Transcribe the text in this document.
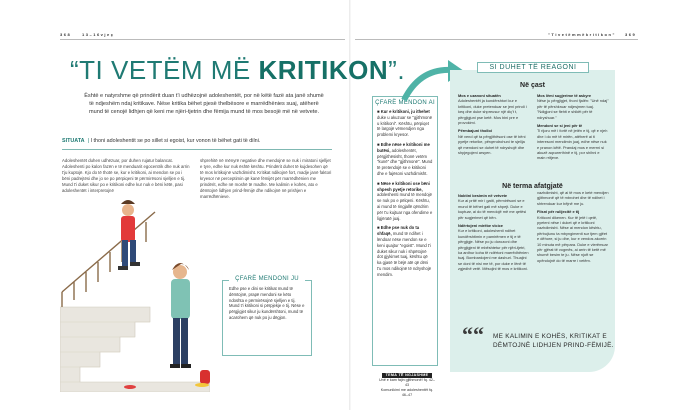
3 6 8	1 3 – 1 6 v j e ç	" T i v e t ë m m ë k r i t i k o n "	3 6 9
“TI VETËM MË KRITIKON”.
Është e natyrshme që prindërit duan t'i udhëzojnë adoleshentët, por në këtë fazë ata janë shumë të ndjeshëm ndaj kritikave. Nëse kritika bëhet pjesë thelbësore e marrëdhënies suaj, atëherë mund të cenojë lidhjen që keni me njëri-tjetrin dhe fëmija mund të mos besojë më në vetvete.
SITUATA | I thoni adoleshentit se po sillet si egoist, kur vonon të bëhet gati të dilni.
Adoleshentët duhen udhëzuar, por duhen rujatur balancat. Adoleshenti po kalon fazën e të menduarit egocentrik dhe nuk arrin t'ju kuptojë. Kjo do të thotë se, kur e kritikoni, ai mendon se po i bëni padrejtësi dhe jo se po përpiqeni të përmirësoni sjelljen e tij. Mund t'i duket sikur po e kritikoni edhe kur nuk e bëni këtë, pasi adoleshentët i interpretojnë
shprehitë në mënyrë negative dhe mendojnë se nuk i miratoni sjelljet e tyre, edhe kur nuk është kështu. Prindërit duhet të kujdesohen që të mos kritikojnë vazhdimisht. Kritikat ndikojnë fort, madje janë faktori kryesor në perceptimin që kanë fëmijët për marrëdhënien me prindërit, edhe në moshë të madhe. Me kalimin e kohës, ato e dëmtojnë lidhjen prind-fëmijë dhe ndikojnë në prishjen e marrëdhënieve.
ÇFARË MENDONI JU
Edhe pse e dini se kritikat mund të dëmtojnë, prapë mendoni se këto ndoshta e përmirësojnë sjelljen e tij. Mund t'i kritikoni si përpjekje e tij. Nëse e përgjigjet sikur ju kundërshtoni, mund të acarohem që nuk po ju dëgjon.
ÇFARË MENDON AI
■ Kur e kritikoni, ju ithehet duke u akuzuar se "gjithmonë u kritikoni". Kështu, përpiqet të largojë vëmendjen nga problemi kryesor.
■ Edhe nëse e kritikoni me butësi, adoleshentët, përgjithësisht, thonë vetëm "kunë" dhe "gjithmonë". Mund të pretendojë se e kritikoni dhe e fajësoni vazhdimisht.
■ Nëse e kritikoni ose bëni shpesh pyetje retorike, adoleshenti mund të mendojë se nuk po e pëlqeni. Kështu, ai mund të ringjallë qëndrim për t'u kujtuar nga ofendime e ligjëratë juaj.
■ Edhe pse nuk do ta shfaqë, mund të ndihet i lëndoar nëse mendon se e keni quajtur "egoist". Mund t'i duket sikur nuk i shpëtojnë dot gjykimet tuaj, kështu që ka gjasë të bëjë atë që dëni t'u mos ndikojnë të ndryshojë mendim.
TEMA TË NGJASHME
Unë e kam fajin gjithmonë! fq. 42–43
Komunikimi me adoleshentët fq. 46–47
SI DUHET TË REAGONI
Në çast
Mos e uzanoni situatën
Adoleshentët ja kundërshtori kur e kritikoni, duke pretenduar se jeni prindi i keq dhe duke shpreusur një diç't t, përgjigjuni pse ketë. Mos bini pre e provokimi.
Përmbajuni tholloi
Në vend që ta përgjithësoni ose të bëni pyetje retorike, përqendrohuni te sjellja që mendoni se duhet të ndryshojë dhe shpjegojeni arsyen.
Mos lëmi sugjerime të askyre
Nëse ju përgjigjet, thoni fjalën: "Unë ndaj" për të përshkruar ndjesjmen tuaj. "Ndigjoni se flehti e shikët për të ndryshuar."
Mendoni se si jeni për të
Ti rijoru më i fortë në jetën e tij, që e njeh dhe i do më të mirën, atëherë ai ti interesoni mendimin juaj, edhe nëse nuk e pranon këtë. Prandaj mos e merrni si akuzë aqxurerthinë e tij, por shihni e main rritjeve.
Në terma afatgjatë
Noktini besimin në vetvete
Kur ai pritë mir i gatit, përmirësoni se e mund të bëhet gati më shpejt. Duke e kuptuar, ai do të mendojë më me qetësi për sugjerimet që bën.
Ndërtojeni mirëbe vlcice
Kur e kritikoni, adoleshenti ndihet kundërshtimin e pamirëmen e tij e të përgjigje. Nëse po ju dorozoni dhe përgjigjeni të mbështetur për njëri-tjetri, ka ardhur koha të ndërtoni marrëdhënien tuaj. Bombardojeni me dashuri. Thuajini se doni të nisi me të, por duke e lënë të zgjedhë vetë. Mësojini të mos e kritikoni.
vazhdimisht, që ai të mos e keté mendjen gjithmonë që të mbrohet dhe të ndihet i shtrenduar kur bëjnë me ju.
Flisni për rulijecitë e tij
Kriticoni dikenen. Kur të jetë i qetë, pyeteni nëse i duket që e kritikoni vazhdimisht. Nëse ai mendon kështu, përbujiunu ta mbyngimenti sur tjem gjëet e dëhore, si ju dhe, kur e vendos akorrin 10 minuta më përpara. Duke e vlerëmuar për gjërat të vogmës, ai arrin të ketë më shumë besim te ju. Nëse njoft se opëndojnë do të marre i vetëm.
““ ME KALIMIN E KOHËS, KRITIKAT E DËMTOJNË LIDHJEN PRIND-FËMIJË.
